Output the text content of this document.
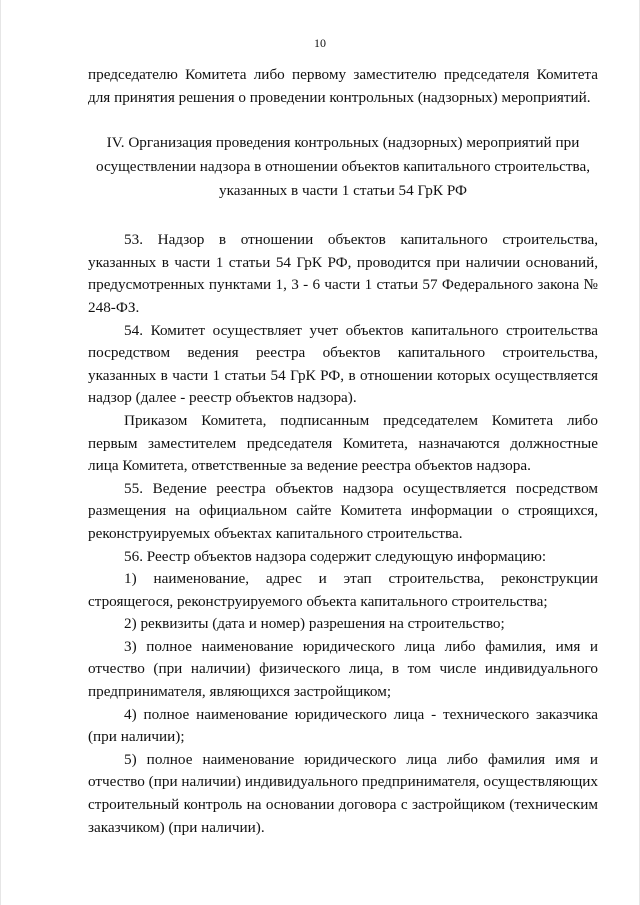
10

председателю Комитета либо первому заместителю председателя Комитета для принятия решения о проведении контрольных (надзорных) мероприятий.

IV. Организация проведения контрольных (надзорных) мероприятий при осуществлении надзора в отношении объектов капитального строительства, указанных в части 1 статьи 54 ГрК РФ

53. Надзор в отношении объектов капитального строительства, указанных в части 1 статьи 54 ГрК РФ, проводится при наличии оснований, предусмотренных пунктами 1, 3 - 6 части 1 статьи 57 Федерального закона № 248-ФЗ.

54. Комитет осуществляет учет объектов капитального строительства посредством ведения реестра объектов капитального строительства, указанных в части 1 статьи 54 ГрК РФ, в отношении которых осуществляется надзор (далее - реестр объектов надзора).

Приказом Комитета, подписанным председателем Комитета либо первым заместителем председателя Комитета, назначаются должностные лица Комитета, ответственные за ведение реестра объектов надзора.

55. Ведение реестра объектов надзора осуществляется посредством размещения на официальном сайте Комитета информации о строящихся, реконструируемых объектах капитального строительства.

56. Реестр объектов надзора содержит следующую информацию:

1) наименование, адрес и этап строительства, реконструкции строящегося, реконструируемого объекта капитального строительства;

2) реквизиты (дата и номер) разрешения на строительство;

3) полное наименование юридического лица либо фамилия, имя и отчество (при наличии) физического лица, в том числе индивидуального предпринимателя, являющихся застройщиком;

4) полное наименование юридического лица - технического заказчика (при наличии);

5) полное наименование юридического лица либо фамилия имя и отчество (при наличии) индивидуального предпринимателя, осуществляющих строительный контроль на основании договора с застройщиком (техническим заказчиком) (при наличии).
